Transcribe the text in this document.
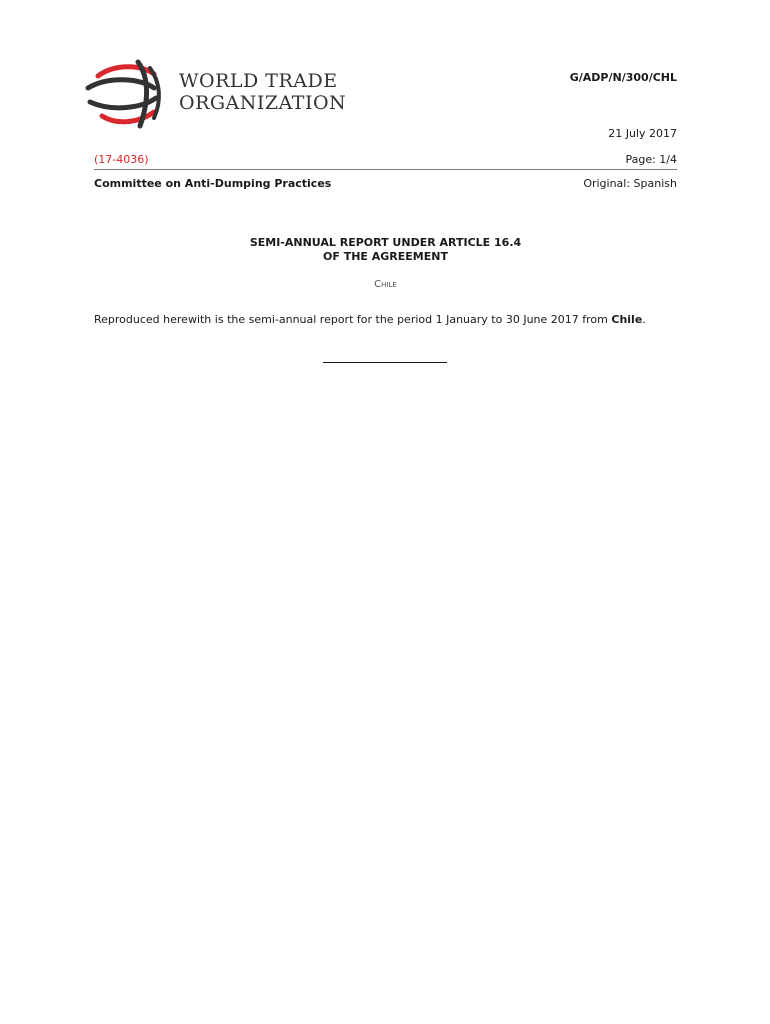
WORLD TRADE
ORGANIZATION
G/ADP/N/300/CHL
21 July 2017
(17-4036)	Page: 1/4
Committee on Anti-Dumping Practices	Original: Spanish
SEMI-ANNUAL REPORT UNDER ARTICLE 16.4
OF THE AGREEMENT
Chile
Reproduced herewith is the semi-annual report for the period 1 January to 30 June 2017 from Chile.
